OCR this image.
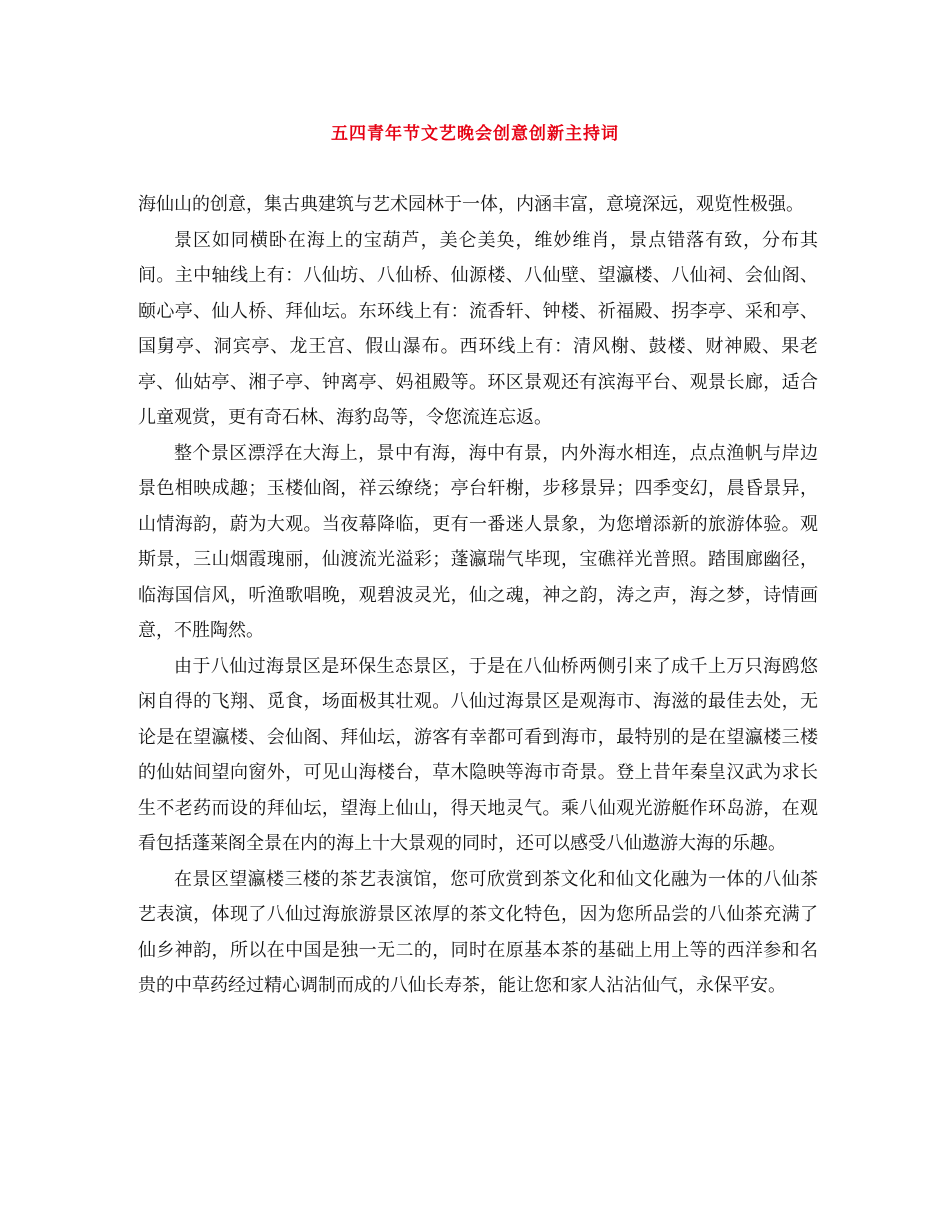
五四青年节文艺晚会创意创新主持词

海仙山的创意，集古典建筑与艺术园林于一体，内涵丰富，意境深远，观览性极强。

景区如同横卧在海上的宝葫芦，美仑美奂，维妙维肖，景点错落有致，分布其间。主中轴线上有：八仙坊、八仙桥、仙源楼、八仙壁、望瀛楼、八仙祠、会仙阁、颐心亭、仙人桥、拜仙坛。东环线上有：流香轩、钟楼、祈福殿、拐李亭、采和亭、国舅亭、洞宾亭、龙王宫、假山瀑布。西环线上有：清风榭、鼓楼、财神殿、果老亭、仙姑亭、湘子亭、钟离亭、妈祖殿等。环区景观还有滨海平台、观景长廊，适合儿童观赏，更有奇石林、海豹岛等，令您流连忘返。

整个景区漂浮在大海上，景中有海，海中有景，内外海水相连，点点渔帆与岸边景色相映成趣；玉楼仙阁，祥云缭绕；亭台轩榭，步移景异；四季变幻，晨昏景异，山情海韵，蔚为大观。当夜幕降临，更有一番迷人景象，为您增添新的旅游体验。观斯景，三山烟霞瑰丽，仙渡流光溢彩；蓬瀛瑞气毕现，宝礁祥光普照。踏围廊幽径，临海国信风，听渔歌唱晚，观碧波灵光，仙之魂，神之韵，涛之声，海之梦，诗情画意，不胜陶然。

由于八仙过海景区是环保生态景区，于是在八仙桥两侧引来了成千上万只海鸥悠闲自得的飞翔、觅食，场面极其壮观。八仙过海景区是观海市、海滋的最佳去处，无论是在望瀛楼、会仙阁、拜仙坛，游客有幸都可看到海市，最特别的是在望瀛楼三楼的仙姑间望向窗外，可见山海楼台，草木隐映等海市奇景。登上昔年秦皇汉武为求长生不老药而设的拜仙坛，望海上仙山，得天地灵气。乘八仙观光游艇作环岛游，在观看包括蓬莱阁全景在内的海上十大景观的同时，还可以感受八仙遨游大海的乐趣。

在景区望瀛楼三楼的茶艺表演馆，您可欣赏到茶文化和仙文化融为一体的八仙茶艺表演，体现了八仙过海旅游景区浓厚的茶文化特色，因为您所品尝的八仙茶充满了仙乡神韵，所以在中国是独一无二的，同时在原基本茶的基础上用上等的西洋参和名贵的中草药经过精心调制而成的八仙长寿茶，能让您和家人沾沾仙气，永保平安。
